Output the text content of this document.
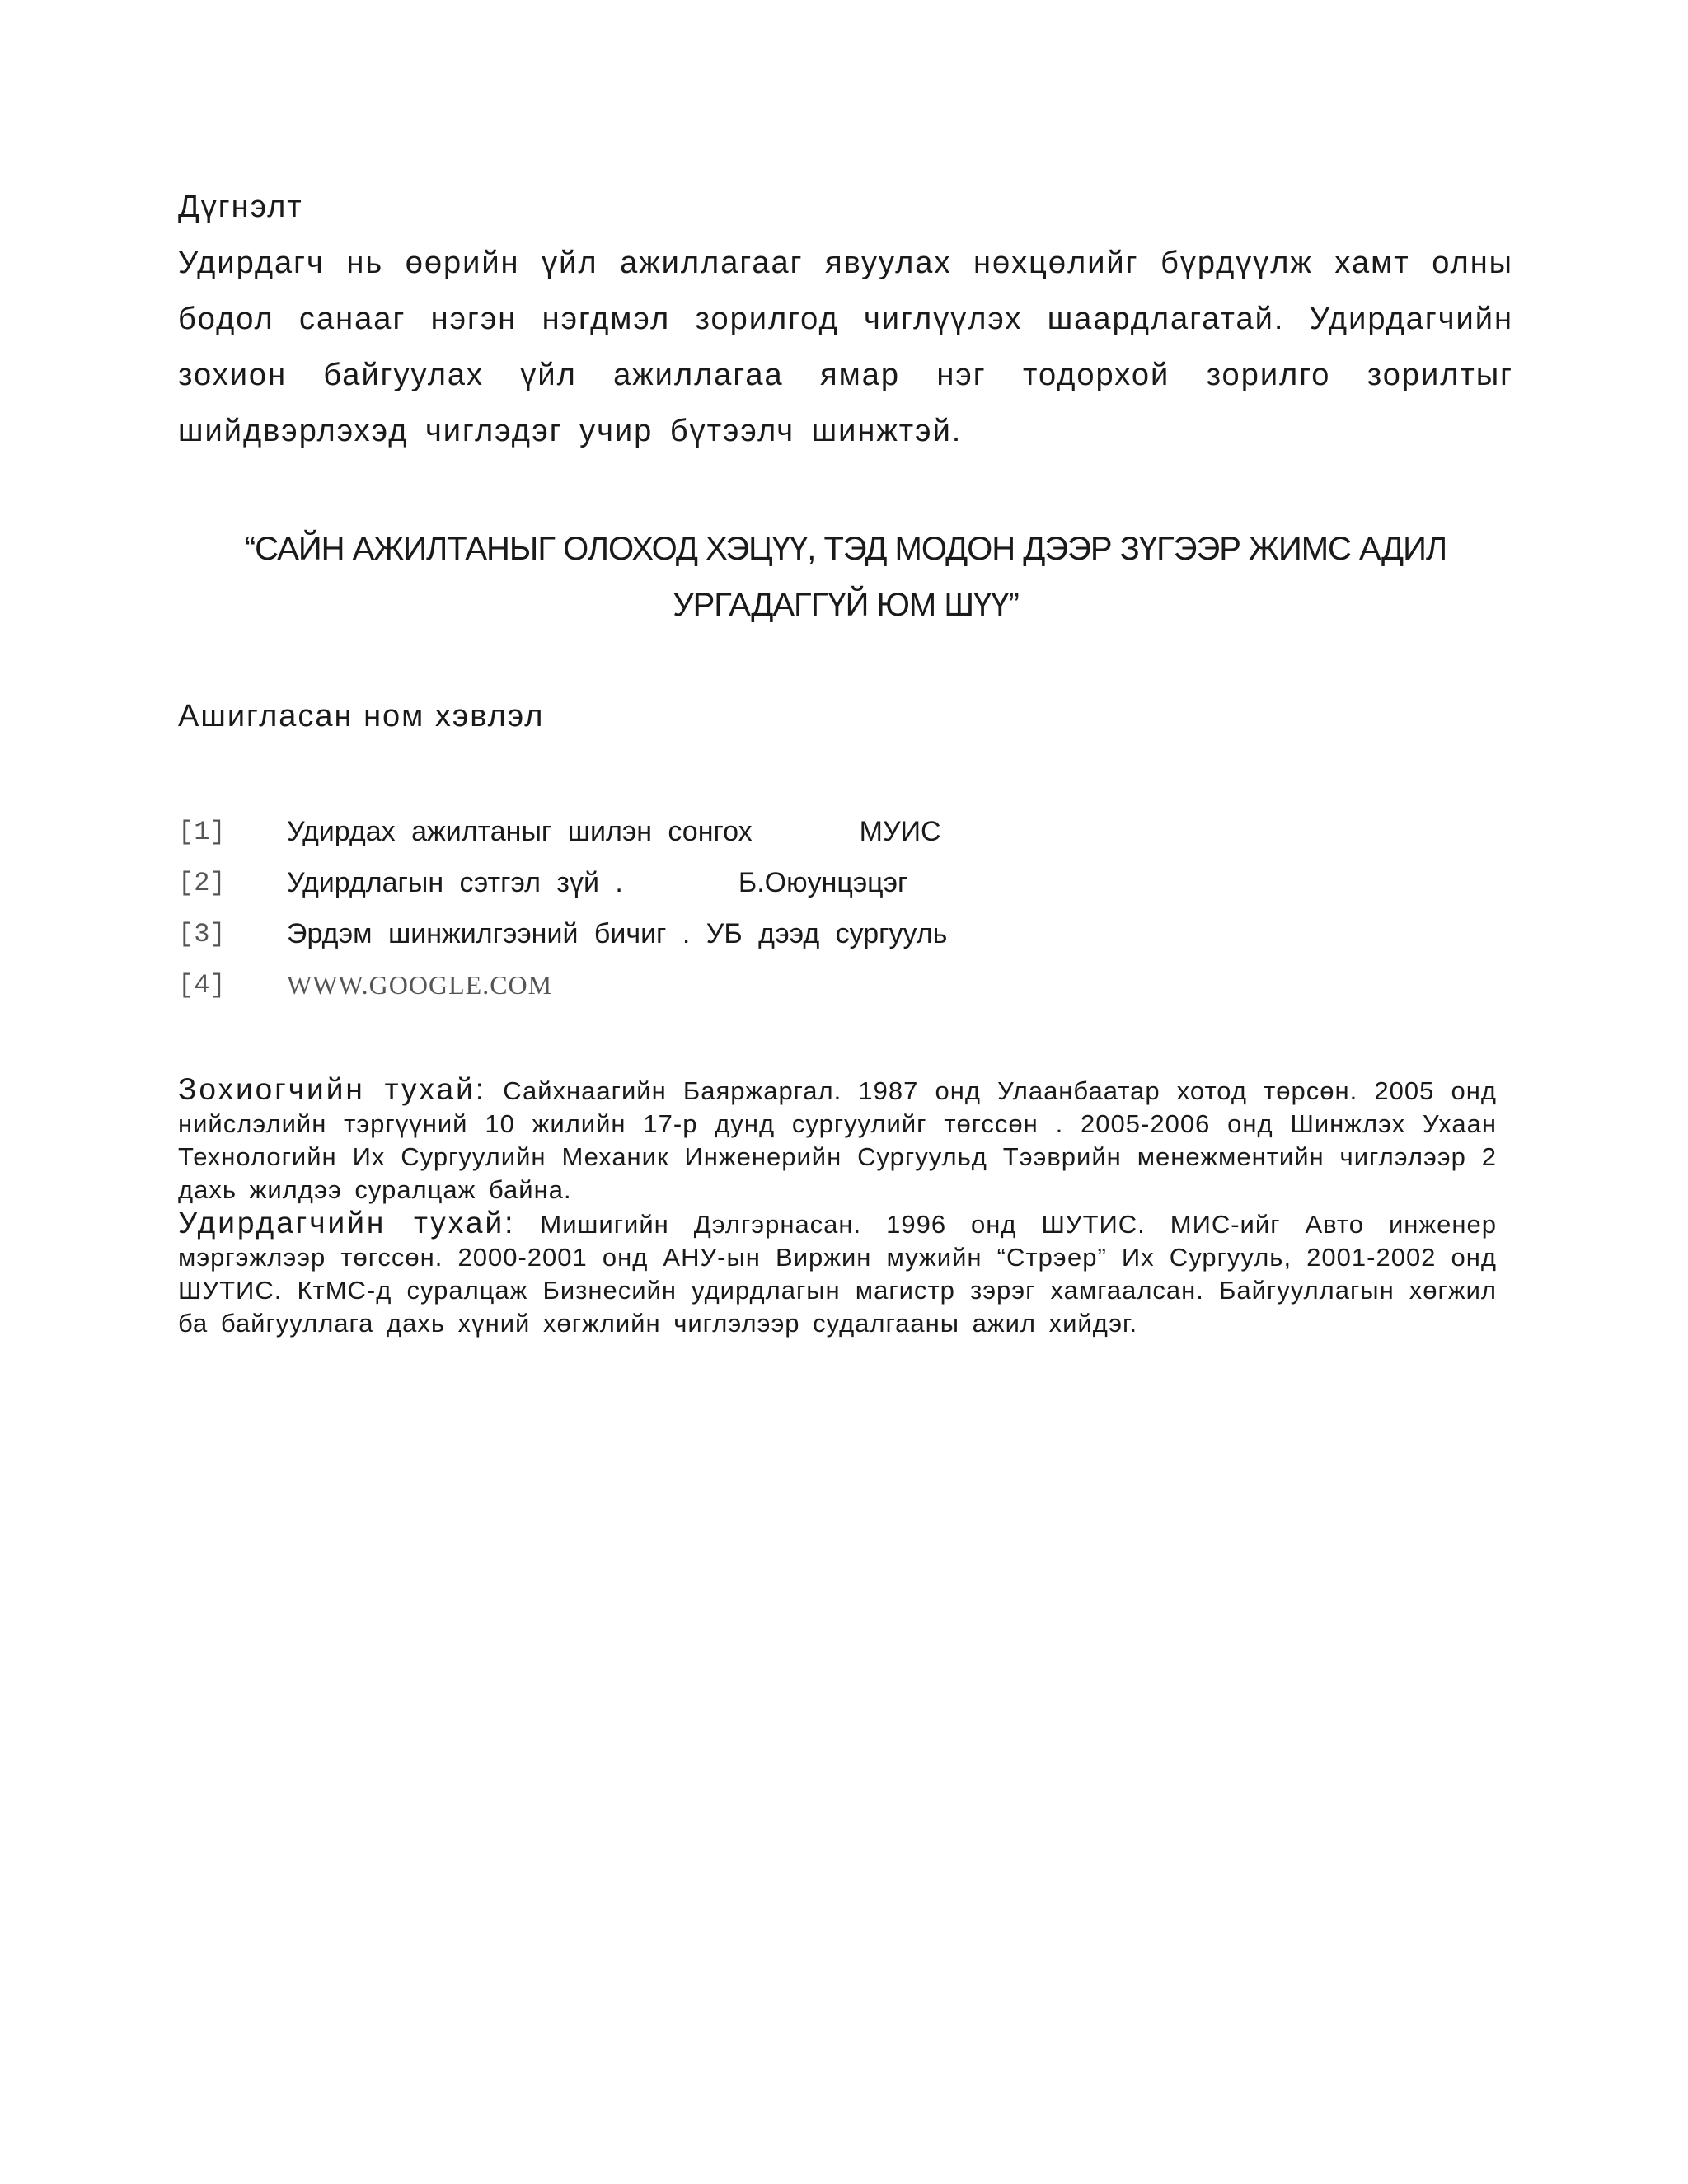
Дүгнэлт

Удирдагч нь өөрийн үйл ажиллагааг явуулах нөхцөлийг бүрдүүлж хамт олны бодол санааг нэгэн нэгдмэл зорилгод чиглүүлэх шаардлагатай. Удирдагчийн зохион байгуулах үйл ажиллагаа ямар нэг тодорхой зорилго зорилтыг шийдвэрлэхэд чиглэдэг учир бүтээлч шинжтэй.

“САЙН АЖИЛТАНЫГ ОЛОХОД ХЭЦҮҮ, ТЭД МОДОН ДЭЭР ЗҮГЭЭР ЖИМС АДИЛ
УРГАДАГГҮЙ ЮМ ШҮҮ”
Ашигласан ном хэвлэл
[1]	Удирдах ажилтаныг шилэн сонгох	МУИС
[2]	Удирдлагын сэтгэл зүй .	Б.Оюунцэцэг
[3]	Эрдэм шинжилгээний бичиг . УБ дээд сургууль
[4]	WWW.GOOGLE.COM

Зохиогчийн тухай: Сайхнаагийн Баяржаргал. 1987 онд Улаанбаатар хотод төрсөн. 2005 онд нийслэлийн тэргүүний 10 жилийн 17-р дунд сургуулийг төгссөн . 2005-2006 онд Шинжлэх Ухаан Технологийн Их Сургуулийн Механик Инженерийн Сургуульд Тээврийн менежментийн чиглэлээр 2 дахь жилдээ суралцаж байна.

Удирдагчийн тухай: Мишигийн Дэлгэрнасан. 1996 онд ШУТИС. МИС-ийг Авто инженер мэргэжлээр төгссөн. 2000-2001 онд АНУ-ын Виржин мужийн “Стрэер” Их Сургууль, 2001-2002 онд ШУТИС. КтМС-д суралцаж Бизнесийн удирдлагын магистр зэрэг хамгаалсан. Байгууллагын хөгжил ба байгууллага дахь хүний хөгжлийн чиглэлээр судалгааны ажил хийдэг.
